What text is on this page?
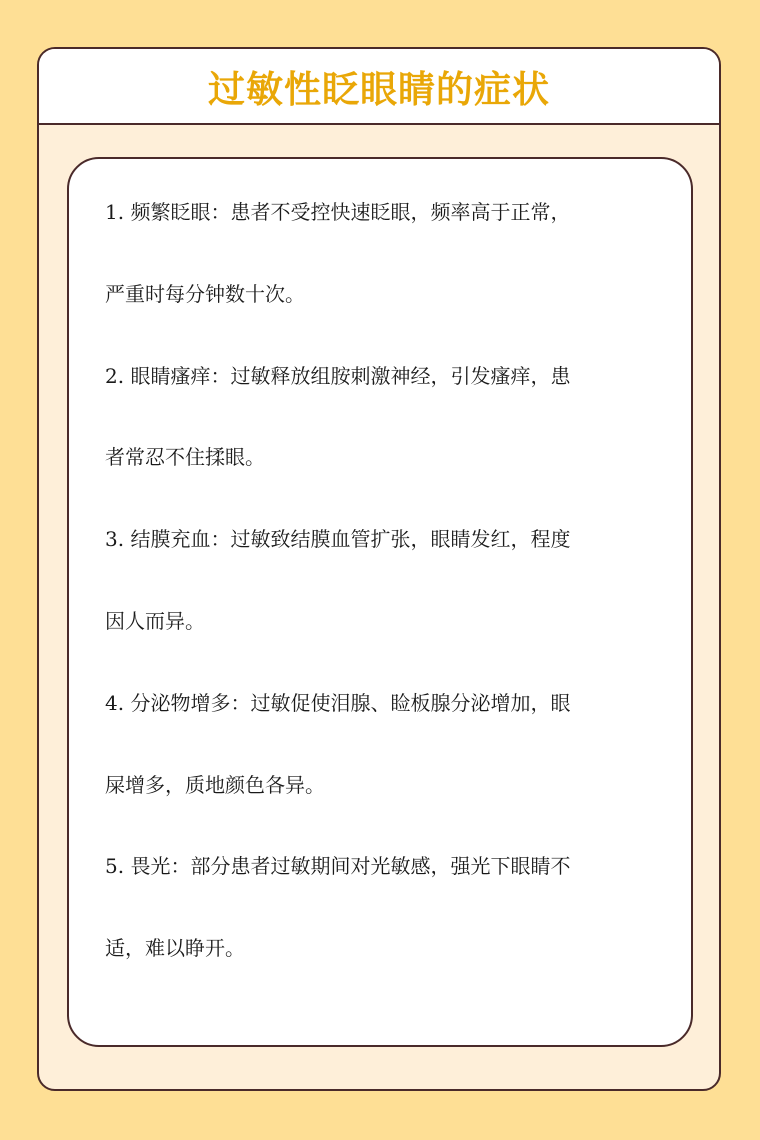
过敏性眨眼睛的症状
1. 频繁眨眼：患者不受控快速眨眼，频率高于正常，
严重时每分钟数十次。
2. 眼睛瘙痒：过敏释放组胺刺激神经，引发瘙痒，患
者常忍不住揉眼。
3. 结膜充血：过敏致结膜血管扩张，眼睛发红，程度
因人而异。
4. 分泌物增多：过敏促使泪腺、睑板腺分泌增加，眼
屎增多，质地颜色各异。
5. 畏光：部分患者过敏期间对光敏感，强光下眼睛不
适，难以睁开。
